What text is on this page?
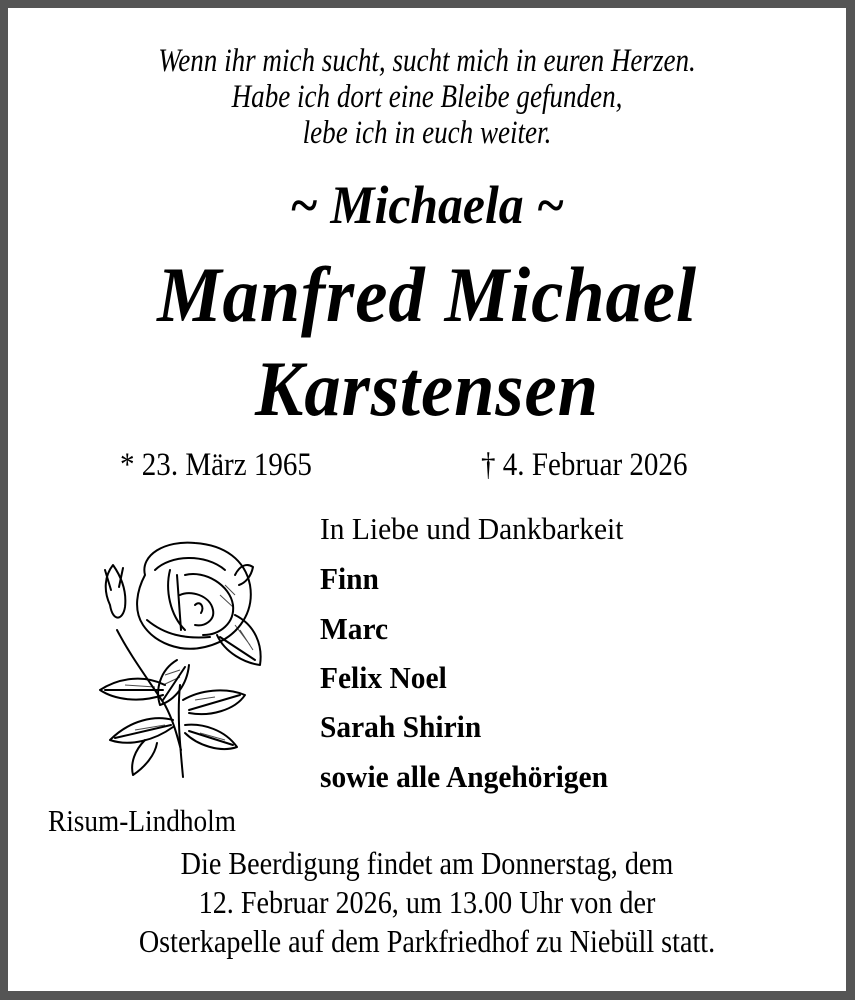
Wenn ihr mich sucht, sucht mich in euren Herzen.
Habe ich dort eine Bleibe gefunden,
lebe ich in euch weiter.
~ Michaela ~
Manfred Michael
Karstensen
* 23. März 1965	† 4. Februar 2026
In Liebe und Dankbarkeit
Finn
Marc
Felix Noel
Sarah Shirin
sowie alle Angehörigen
Risum-Lindholm
Die Beerdigung findet am Donnerstag, dem
12. Februar 2026, um 13.00 Uhr von der
Osterkapelle auf dem Parkfriedhof zu Niebüll statt.
